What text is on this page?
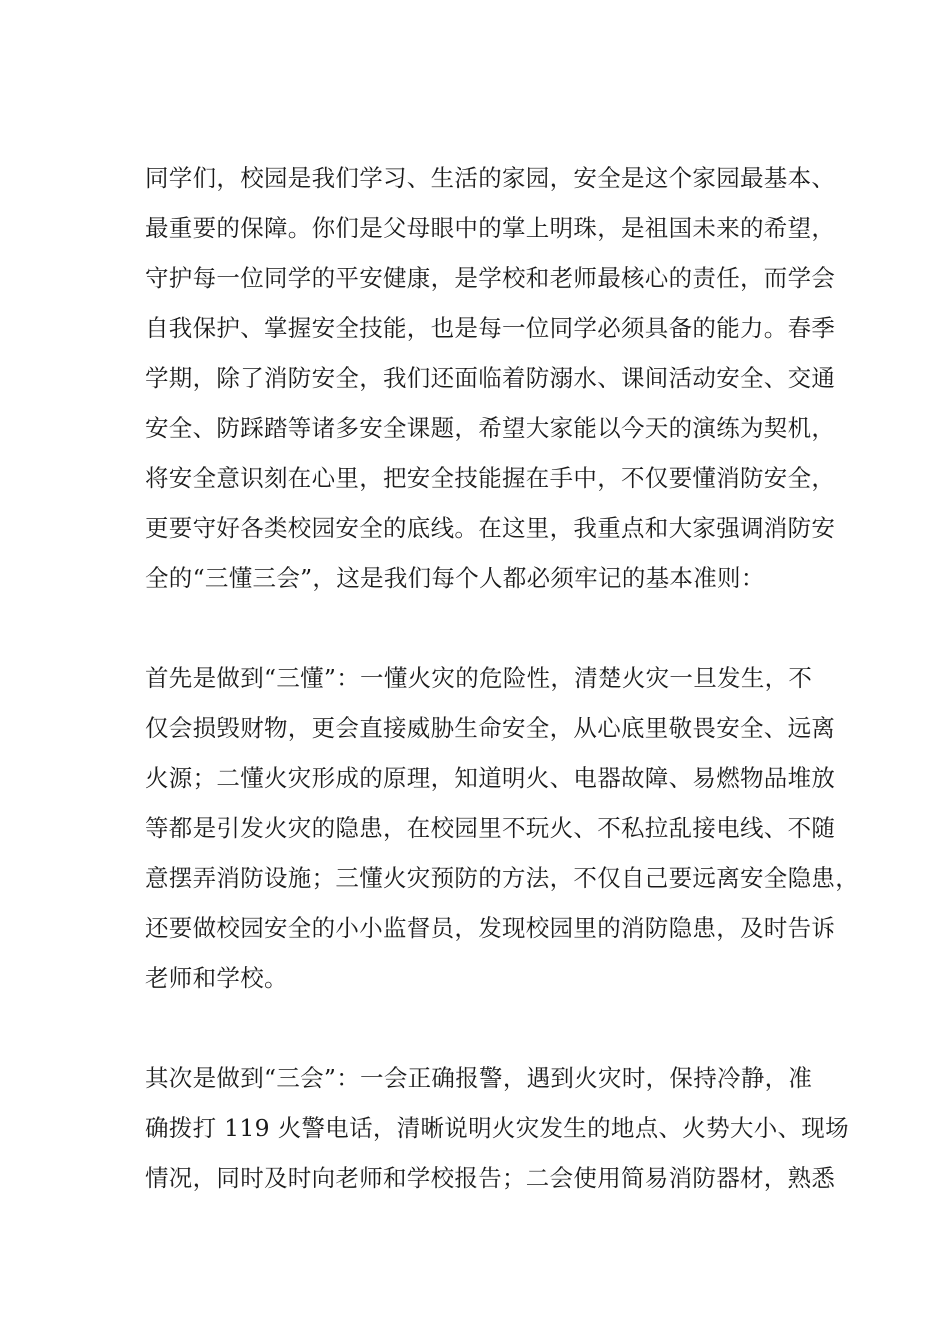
同学们，校园是我们学习、生活的家园，安全是这个家园最基本、
最重要的保障。你们是父母眼中的掌上明珠，是祖国未来的希望，
守护每一位同学的平安健康，是学校和老师最核心的责任，而学会
自我保护、掌握安全技能，也是每一位同学必须具备的能力。春季
学期，除了消防安全，我们还面临着防溺水、课间活动安全、交通
安全、防踩踏等诸多安全课题，希望大家能以今天的演练为契机，
将安全意识刻在心里，把安全技能握在手中，不仅要懂消防安全，
更要守好各类校园安全的底线。在这里，我重点和大家强调消防安
全的“三懂三会”，这是我们每个人都必须牢记的基本准则：
首先是做到“三懂”：一懂火灾的危险性，清楚火灾一旦发生，不
仅会损毁财物，更会直接威胁生命安全，从心底里敬畏安全、远离
火源；二懂火灾形成的原理，知道明火、电器故障、易燃物品堆放
等都是引发火灾的隐患，在校园里不玩火、不私拉乱接电线、不随
意摆弄消防设施；三懂火灾预防的方法，不仅自己要远离安全隐患，
还要做校园安全的小小监督员，发现校园里的消防隐患，及时告诉
老师和学校。
其次是做到“三会”：一会正确报警，遇到火灾时，保持冷静，准
确拨打 119 火警电话，清晰说明火灾发生的地点、火势大小、现场
情况，同时及时向老师和学校报告；二会使用简易消防器材，熟悉
